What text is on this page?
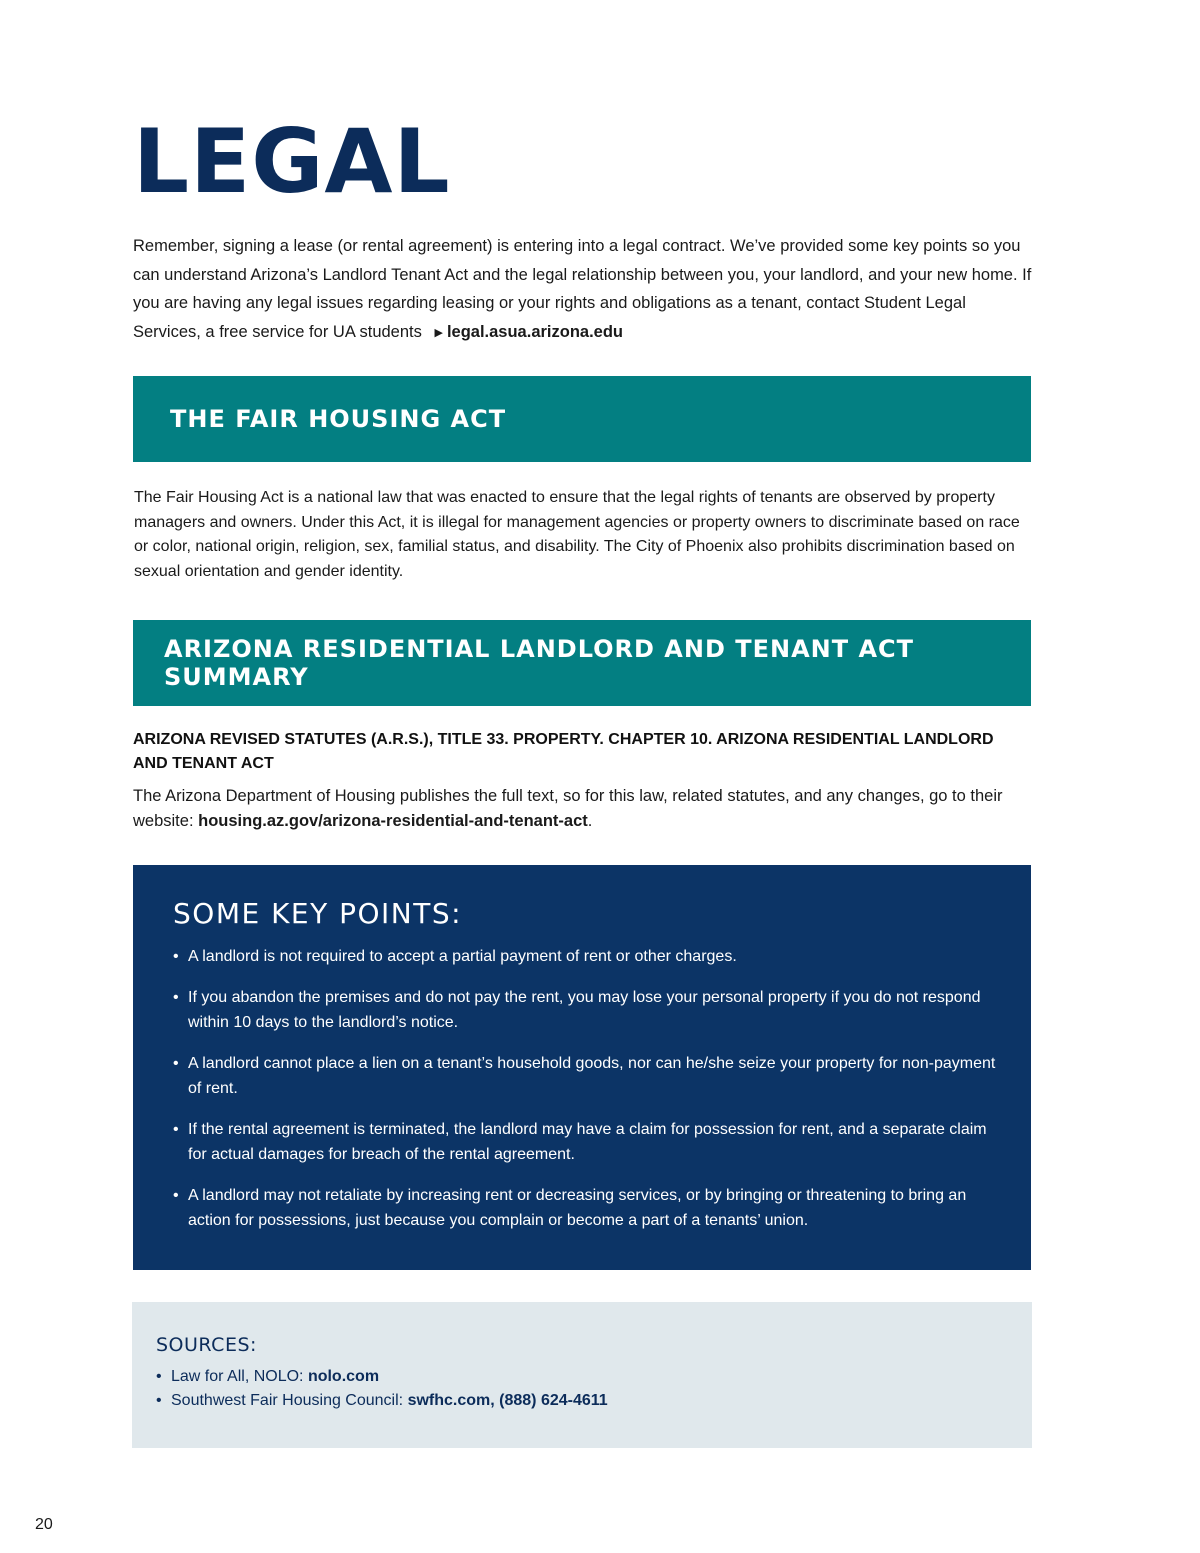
LEGAL

Remember, signing a lease (or rental agreement) is entering into a legal contract. We’ve provided some key points so you can understand Arizona’s Landlord Tenant Act and the legal relationship between you, your landlord, and your new home. If you are having any legal issues regarding leasing or your rights and obligations as a tenant, contact Student Legal Services, a free service for UA students ▶ legal.asua.arizona.edu

THE FAIR HOUSING ACT

The Fair Housing Act is a national law that was enacted to ensure that the legal rights of tenants are observed by property managers and owners. Under this Act, it is illegal for management agencies or property owners to discriminate based on race or color, national origin, religion, sex, familial status, and disability. The City of Phoenix also prohibits discrimination based on sexual orientation and gender identity.

ARIZONA RESIDENTIAL LANDLORD AND TENANT ACT SUMMARY

ARIZONA REVISED STATUTES (A.R.S.), TITLE 33. PROPERTY. CHAPTER 10. ARIZONA RESIDENTIAL LANDLORD AND TENANT ACT

The Arizona Department of Housing publishes the full text, so for this law, related statutes, and any changes, go to their website: housing.az.gov/arizona-residential-and-tenant-act.

SOME KEY POINTS:
• A landlord is not required to accept a partial payment of rent or other charges.
• If you abandon the premises and do not pay the rent, you may lose your personal property if you do not respond within 10 days to the landlord’s notice.
• A landlord cannot place a lien on a tenant’s household goods, nor can he/she seize your property for non-payment of rent.
• If the rental agreement is terminated, the landlord may have a claim for possession for rent, and a separate claim for actual damages for breach of the rental agreement.
• A landlord may not retaliate by increasing rent or decreasing services, or by bringing or threatening to bring an action for possessions, just because you complain or become a part of a tenants’ union.
SOURCES:
• Law for All, NOLO: nolo.com
• Southwest Fair Housing Council: swfhc.com, (888) 624-4611

20
